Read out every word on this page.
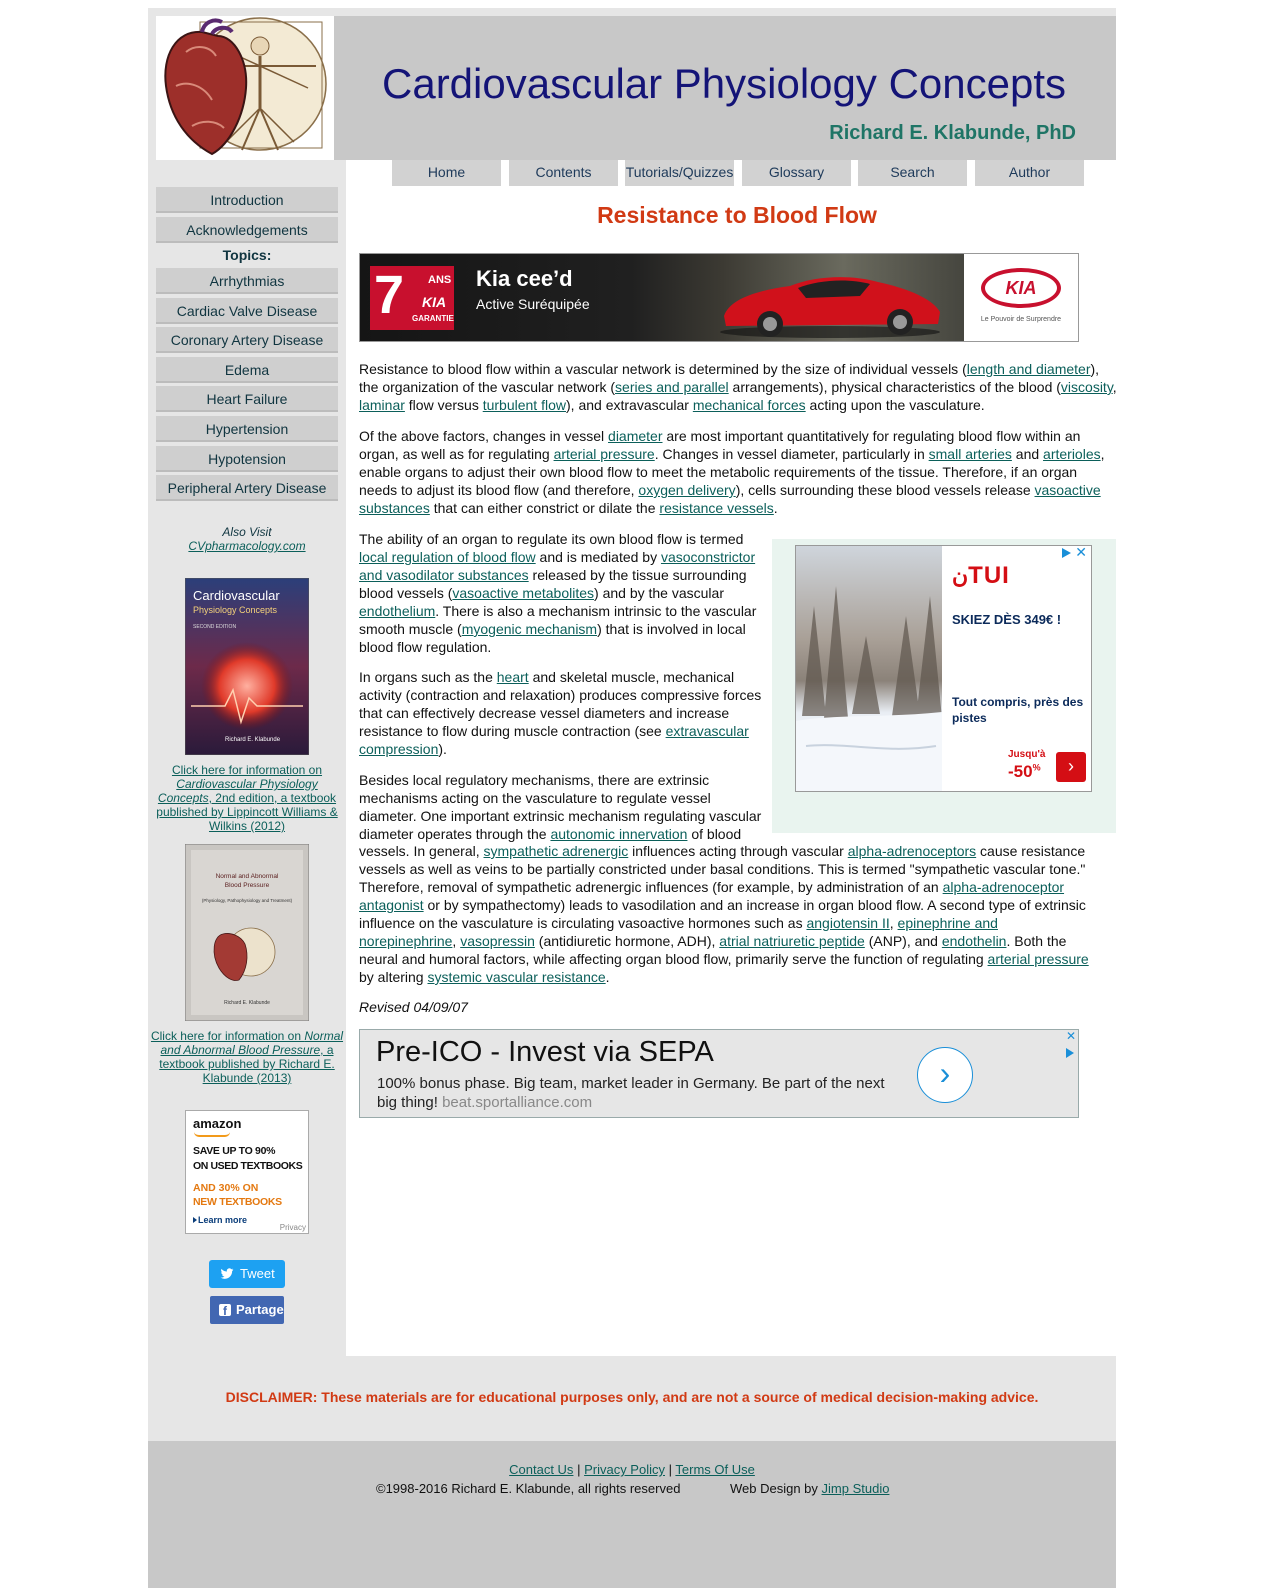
Cardiovascular Physiology Concepts
Richard E. Klabunde, PhD
Home	Contents	Tutorials/Quizzes	Glossary	Search	Author
Introduction
Acknowledgements
Topics:
Arrhythmias
Cardiac Valve Disease
Coronary Artery Disease
Edema
Heart Failure
Hypertension
Hypotension
Peripheral Artery Disease
Also Visit
CVpharmacology.com
Cardiovascular
Physiology Concepts
SECOND EDITION
Richard E. Klabunde
Click here for information on
Cardiovascular Physiology Concepts, 2nd edition, a textbook published by Lippincott Williams & Wilkins (2012)
Normal and Abnormal Blood Pressure
(Physiology, Pathophysiology and Treatment)
Richard E. Klabunde
Click here for information on Normal and Abnormal Blood Pressure, a textbook published by Richard E. Klabunde (2013)
amazon
SAVE UP TO 90%
ON USED TEXTBOOKS
AND 30% ON
NEW TEXTBOOKS
Learn more
Privacy
Tweet
f Partage
Resistance to Blood Flow
7 ANS
KIA
GARANTIE
Kia cee’d
Active Suréquipée
KIA
Le Pouvoir de Surprendre
Resistance to blood flow within a vascular network is determined by the size of individual vessels (length and diameter), the organization of the vascular network (series and parallel arrangements), physical characteristics of the blood (viscosity, laminar flow versus turbulent flow), and extravascular mechanical forces acting upon the vasculature.
Of the above factors, changes in vessel diameter are most important quantitatively for regulating blood flow within an organ, as well as for regulating arterial pressure. Changes in vessel diameter, particularly in small arteries and arterioles, enable organs to adjust their own blood flow to meet the metabolic requirements of the tissue. Therefore, if an organ needs to adjust its blood flow (and therefore, oxygen delivery), cells surrounding these blood vessels release vasoactive substances that can either constrict or dilate the resistance vessels.
✕
نTUI
SKIEZ DÈS 349€ !
Tout compris, près des pistes
Jusqu'à
-50%	›
The ability of an organ to regulate its own blood flow is termed local regulation of blood flow and is mediated by vasoconstrictor and vasodilator substances released by the tissue surrounding blood vessels (vasoactive metabolites) and by the vascular endothelium. There is also a mechanism intrinsic to the vascular smooth muscle (myogenic mechanism) that is involved in local blood flow regulation.
In organs such as the heart and skeletal muscle, mechanical activity (contraction and relaxation) produces compressive forces that can effectively decrease vessel diameters and increase resistance to flow during muscle contraction (see extravascular compression).
Besides local regulatory mechanisms, there are extrinsic mechanisms acting on the vasculature to regulate vessel diameter. One important extrinsic mechanism regulating vascular diameter operates through the autonomic innervation of blood
vessels. In general, sympathetic adrenergic influences acting through vascular alpha-adrenoceptors cause resistance vessels as well as veins to be partially constricted under basal conditions. This is termed "sympathetic vascular tone." Therefore, removal of sympathetic adrenergic influences (for example, by administration of an alpha-adrenoceptor antagonist or by sympathectomy) leads to vasodilation and an increase in organ blood flow. A second type of extrinsic influence on the vasculature is circulating vasoactive hormones such as angiotensin II, epinephrine and norepinephrine, vasopressin (antidiuretic hormone, ADH), atrial natriuretic peptide (ANP), and endothelin. Both the neural and humoral factors, while affecting organ blood flow, primarily serve the function of regulating arterial pressure by altering systemic vascular resistance.
Revised 04/09/07
Pre-ICO - Invest via SEPA
100% bonus phase. Big team, market leader in Germany. Be part of the next big thing! beat.sportalliance.com
›
✕
DISCLAIMER: These materials are for educational purposes only, and are not a source of medical decision-making advice.
Contact Us | Privacy Policy | Terms Of Use
©1998-2016 Richard E. Klabunde, all rights reserved	Web Design by Jimp Studio
